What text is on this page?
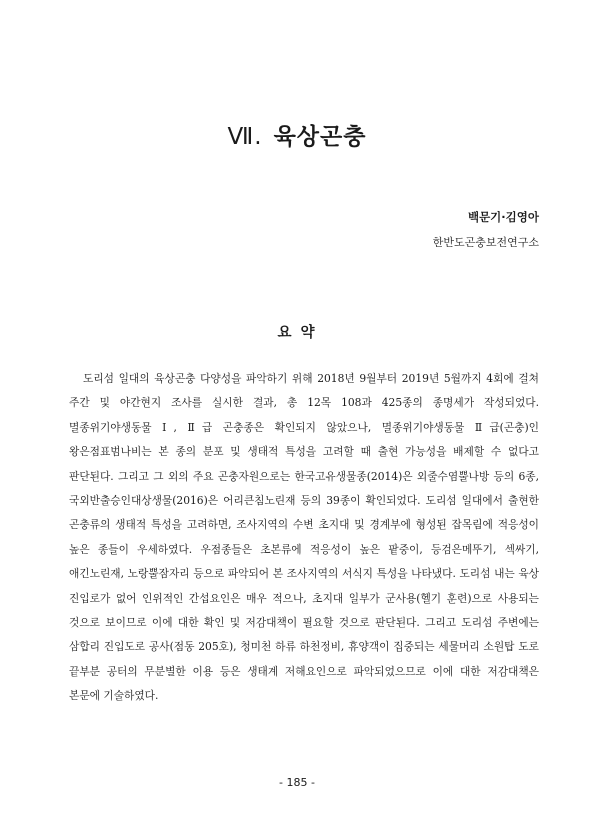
Ⅶ. 육상곤충
백문기·김영아
한반도곤충보전연구소
요 약

도리섬 일대의 육상곤충 다양성을 파악하기 위해 2018년 9월부터 2019년 5월까지 4회에 걸쳐 주간 및 야간현지 조사를 실시한 결과, 총 12목 108과 425종의 종명세가 작성되었다. 멸종위기야생동물 Ⅰ, Ⅱ급 곤충종은 확인되지 않았으나, 멸종위기야생동물 Ⅱ급(곤충)인 왕은점표범나비는 본 종의 분포 및 생태적 특성을 고려할 때 출현 가능성을 배제할 수 없다고 판단된다. 그리고 그 외의 주요 곤충자원으로는 한국고유생물종(2014)은 외줄수염뿔나방 등의 6종, 국외반출승인대상생물(2016)은 어리큰침노린재 등의 39종이 확인되었다. 도리섬 일대에서 출현한 곤충류의 생태적 특성을 고려하면, 조사지역의 수변 초지대 및 경계부에 형성된 잡목림에 적응성이 높은 종들이 우세하였다. 우점종들은 초본류에 적응성이 높은 팥중이, 등검은메뚜기, 섹싸기, 애긴노린재, 노랑뿔잠자리 등으로 파악되어 본 조사지역의 서식지 특성을 나타냈다. 도리섬 내는 육상 진입로가 없어 인위적인 간섭요인은 매우 적으나, 초지대 일부가 군사용(헬기 훈련)으로 사용되는 것으로 보이므로 이에 대한 확인 및 저감대책이 필요할 것으로 판단된다. 그리고 도리섬 주변에는 삼합리 진입도로 공사(점동 205호), 청미천 하류 하천정비, 휴양객이 집중되는 세물머리 소원탑 도로 끝부분 공터의 무분별한 이용 등은 생태계 저해요인으로 파악되었으므로 이에 대한 저감대책은 본문에 기술하였다.

- 185 -
